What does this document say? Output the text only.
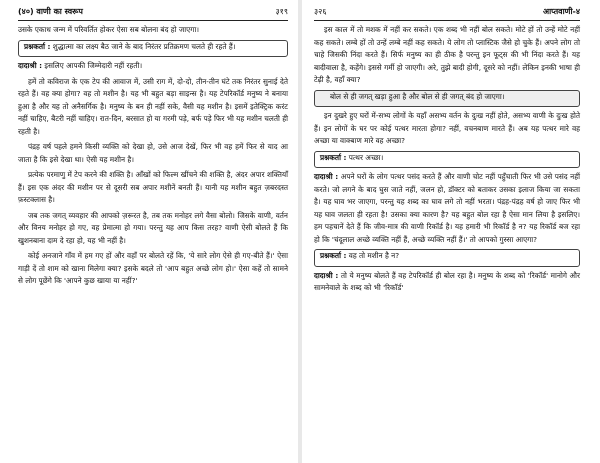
(४०) वाणी का स्वरूप	३१९

उसके एकाध जन्म में परिवर्तित होकर ऐसा सब बोलना बंद हो जाएगा।

प्रश्नकर्ता : शुद्धात्मा का लक्ष्य बैठ जाने के बाद निरंतर प्रतिक्रमण चलते ही रहते हैं।

दादाश्री : इसलिए आपकी जिम्मेदारी नहीं रहती।

हमें तो कविराज के एक टेप की आवाज में, उसी राग में, दो-दो, तीन-तीन घंटे तक निरंतर सुनाई देते रहते हैं। वह क्या होगा? वह तो मशीन है। यह भी बहुत बड़ा साइन्स है। यह टेपरिकॉर्ड मनुष्य ने बनाया हुआ है और यह तो अनैसर्गिक है। मनुष्य के बन ही नहीं सके, वैसी यह मशीन है। इसमें इतेक्ट्रिक करंट नहीं चाहिए, बैटरी नहीं चाहिए। रात-दिन, बरसात हो या गरमी पड़े, बर्फ पड़े फिर भी यह मशीन चलती ही रहती है।

पंद्रह वर्ष पहले हमने किसी व्यक्ति को देखा हो, उसे आज देखें, फिर भी वह हमें फिर से याद आ जाता है कि इसे देखा था। ऐसी यह मशीन है।

प्रत्येक परमाणु में टेप करने की शक्ति है। आँखों को फिल्म खींचने की शक्ति है, अंदर अपार शक्तियाँ हैं। इस एक अंदर की मशीन पर से दूसरी सब अपार मशीनें बनती हैं। यानी यह मशीन बहुत ज़बरदस्त फ़स्टक्लास है।

जब तक जगत् व्यवहार की आपको ज़रूरत है, तब तक मनोहर लगे वैसा बोलो। जिसके वाणी, वर्तन और विनय मनोहर हो गए, वह प्रेमात्मा हो गया। परन्तु यह आप किस तरह? वाणी ऐसी बोलते हैं कि खुशनबाना दाम दे रहा हो, यह भी नहीं है।

कोई अनजाने गाँव में हम गए हों और वहाँ पर बोलते रहें कि, 'ये सारे लोग ऐसे ही गए-बीते हैं।' ऐसा गाड़ी दें तो शाम को खाना मिलेगा क्या? इसके बदले तो 'आप बहुत अच्छे लोग हो।' ऐसा कहें तो सामने से लोग पूछेंगे कि 'आपने कुछ खाया या नहीं?'

३२६	आप्तवाणी-४

इस काल में तो मशक में नहीं कर सकते। एक शब्द भी नहीं बोल सकते। मोटे हों तो उन्हें मोटे नहीं कह सकते। लम्बे हों तो उन्हें लम्बे नहीं कह सकते। ये लोग तो प्लास्टिक जैसे हो चुके हैं। अपने लोग तो चाहे जिसकी निंदा करते हैं। सिर्फ मनुष्य का ही ठीक है परन्तु इन फूट्स की भी निंदा करते हैं। यह बादीवाला है, कहेंगे। इससे गर्मी हो जाएगी। अरे, तुझे बादी होगी, दूसरे को नहीं। लेकिन इनकी भाषा ही टेढ़ी है, वहाँ क्या?

बोल से ही जगत् खड़ा हुआ है और बोल से ही जगत् बंद हो जाएगा।

इन दुखरे हुए घरों में-सभ्य लोगों के यहाँ असभ्य वर्तन के दुःख नहीं होते, असभ्य वाणी के दुःख होते हैं। इन लोगों के घर पर कोई पत्थर मारता होगा? नहीं, वचनबाण मारते हैं। अब यह पत्थर मारे वह अच्छा या वाक्बाण मारे वह अच्छा?

प्रश्नकर्ता : पत्थर अच्छा।

दादाश्री : अपने घरों के लोग पत्थर पसंद करते हैं और वाणी चोट नहीं पहुँचाती फिर भी उसे पसंद नहीं करते। जो लगने के बाद घुस जाते नहीं, जलन हो, डॉक्टर को बताकर उसका इलाज किया जा सकता है। यह घाव भर जाएगा, परन्तु यह शब्द का घाव लगे तो नहीं भरता। पंद्रह-पंद्रह वर्ष हो जाए फिर भी यह घाव जलता ही रहता है! उसका क्या कारण है? यह बहुत बोल रहा है ऐसा मान लिया है इसलिए। हम पहचानें देते हैं कि जीव-मात्र की वाणी रिकॉर्ड है। यह हमारी भी रिकॉर्ड है न? यह रिकॉर्ड बज रहा हो कि 'चंदूलाल अच्छे व्यक्ति नहीं हैं, अच्छे व्यक्ति नहीं हैं।' तो आपको गुस्सा आएगा?

प्रश्नकर्ता : वह तो मशीन है न?

दादाश्री : तो ये मनुष्य बोलते हैं वह टेपरिकॉर्ड ही बोल रहा है। मनुष्य के शब्द को 'रिकॉर्ड' मानोगे और सामनेवाले के शब्द को भी 'रिकॉर्ड'
